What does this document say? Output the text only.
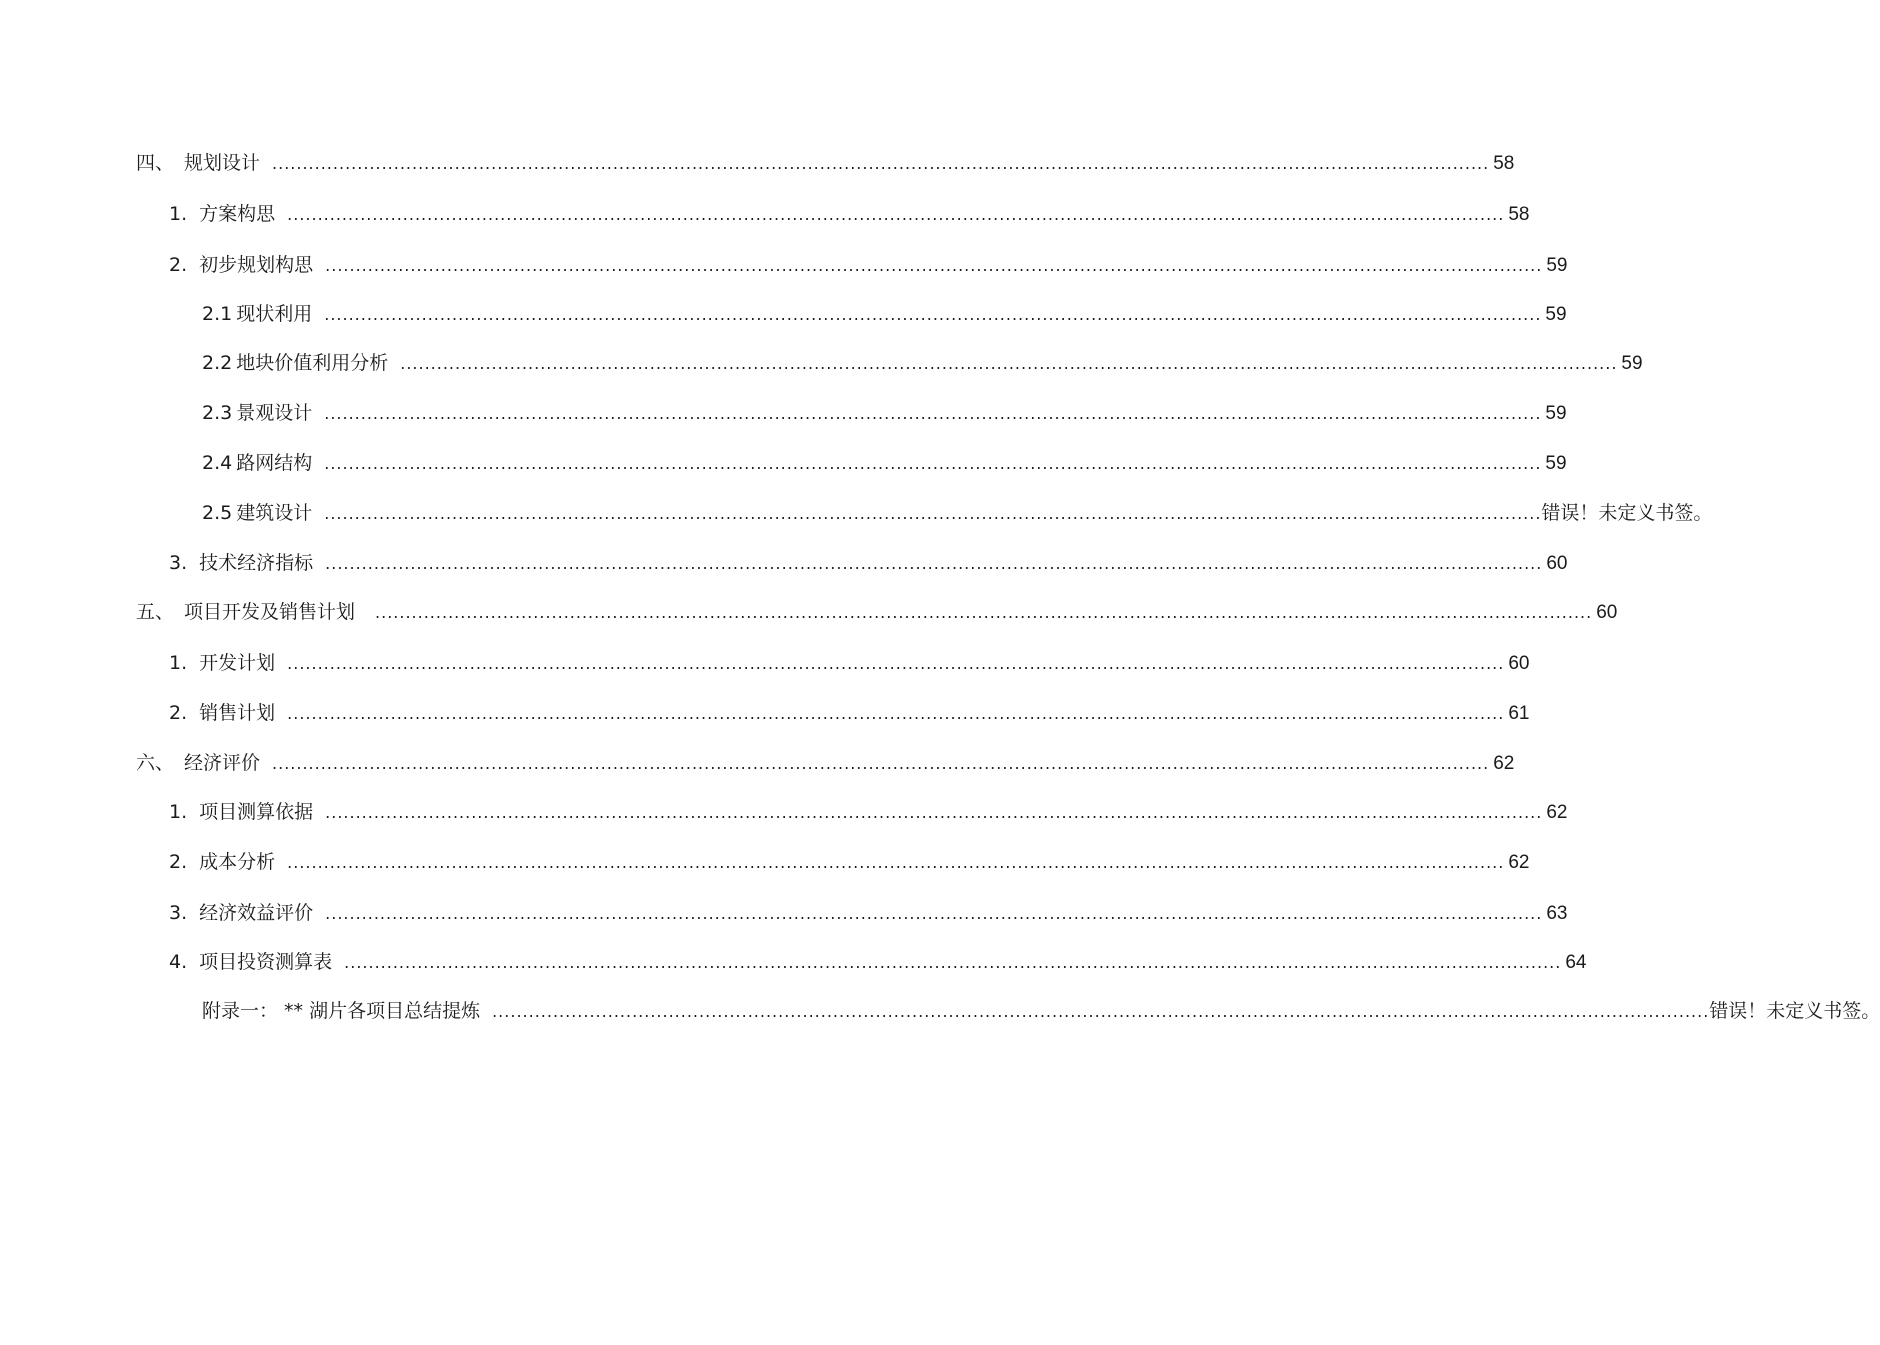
四、 规划设计 ........................................................................................................................................................................................................ 58
1. 方案构思 ........................................................................................................................................................................................................ 58
2. 初步规划构思 ........................................................................................................................................................................................................ 59
2.1 现状利用 ........................................................................................................................................................................................................ 59
2.2 地块价值利用分析 ........................................................................................................................................................................................................ 59
2.3 景观设计 ........................................................................................................................................................................................................ 59
2.4 路网结构 ........................................................................................................................................................................................................ 59
2.5 建筑设计 ........................................................................................................................................................................................................ 错误！未定义书签。
3. 技术经济指标 ........................................................................................................................................................................................................ 60
五、 项目开发及销售计划 ........................................................................................................................................................................................................ 60
1. 开发计划 ........................................................................................................................................................................................................ 60
2. 销售计划 ........................................................................................................................................................................................................ 61
六、 经济评价 ........................................................................................................................................................................................................ 62
1. 项目测算依据 ........................................................................................................................................................................................................ 62
2. 成本分析 ........................................................................................................................................................................................................ 62
3. 经济效益评价 ........................................................................................................................................................................................................ 63
4. 项目投资测算表 ........................................................................................................................................................................................................ 64
附录一： ** 湖片各项目总结提炼 ........................................................................................................................................................................................................ 错误！未定义书签。
